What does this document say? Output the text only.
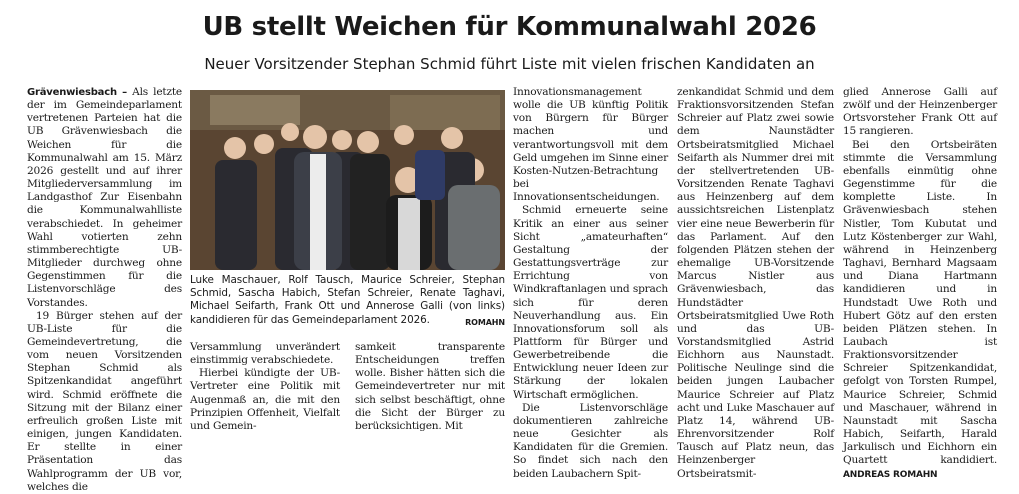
UB stellt Weichen für Kommunalwahl 2026
Neuer Vorsitzender Stephan Schmid führt Liste mit vielen frischen Kandidaten an

Grävenwiesbach – Als letzte der im Gemeindeparlament vertretenen Parteien hat die UB Grävenwiesbach die Weichen für die Kommunalwahl am 15. März 2026 gestellt und auf ihrer Mitgliederversammlung im Landgasthof Zur Eisenbahn die Kommunalwahlliste verabschiedet. In geheimer Wahl votierten zehn stimmberechtigte UB-Mitglieder durchweg ohne Gegenstimmen für die Listenvorschläge des Vorstandes.

19 Bürger stehen auf der UB-Liste für die Gemeindevertretung, die vom neuen Vorsitzenden Stephan Schmid als Spitzenkandidat angeführt wird. Schmid eröffnete die Sitzung mit der Bilanz einer erfreulich großen Liste mit einigen, jungen Kandidaten. Er stellte in einer Präsentation das Wahlprogramm der UB vor, welches die

Luke Maschauer, Rolf Tausch, Maurice Schreier, Stephan Schmid, Sascha Habich, Stefan Schreier, Renate Taghavi, Michael Seifarth, Frank Ott und Annerose Galli (von links) kandidieren für das Gemeindeparlament 2026.	ROMAHN

Versammlung unverändert einstimmig verabschiedete.

Hierbei kündigte der UB-Vertreter eine Politik mit Augenmaß an, die mit den Prinzipien Offenheit, Vielfalt und Gemein-

samkeit transparente Entscheidungen treffen wolle. Bisher hätten sich die Gemeindevertreter nur mit sich selbst beschäftigt, ohne die Sicht der Bürger zu berücksichtigen. Mit

Innovationsmanagement wolle die UB künftig Politik von Bürgern für Bürger machen und verantwortungsvoll mit dem Geld umgehen im Sinne einer Kosten-Nutzen-Betrachtung bei Innovationsentscheidungen.

Schmid erneuerte seine Kritik an einer aus seiner Sicht „amateurhaften“ Gestaltung der Gestattungsverträge zur Errichtung von Windkraftanlagen und sprach sich für deren Neuverhandlung aus. Ein Innovationsforum soll als Plattform für Bürger und Gewerbetreibende die Entwicklung neuer Ideen zur Stärkung der lokalen Wirtschaft ermöglichen.

Die Listenvorschläge dokumentieren zahlreiche neue Gesichter als Kandidaten für die Gremien. So findet sich nach den beiden Laubachern Spit-

zenkandidat Schmid und dem Fraktionsvorsitzenden Stefan Schreier auf Platz zwei sowie dem Naunstädter Ortsbeiratsmitglied Michael Seifarth als Nummer drei mit der stellvertretenden UB-Vorsitzenden Renate Taghavi aus Heinzenberg auf dem aussichtsreichen Listenplatz vier eine neue Bewerberin für das Parlament. Auf den folgenden Plätzen stehen der ehemalige UB-Vorsitzende Marcus Nistler aus Grävenwiesbach, das Hundstädter Ortsbeiratsmitglied Uwe Roth und das UB-Vorstandsmitglied Astrid Eichhorn aus Naunstadt. Politische Neulinge sind die beiden jungen Laubacher Maurice Schreier auf Platz acht und Luke Maschauer auf Platz 14, während UB-Ehrenvorsitzender Rolf Tausch auf Platz neun, das Heinzenberger Ortsbeiratsmit-

glied Annerose Galli auf zwölf und der Heinzenberger Ortsvorsteher Frank Ott auf 15 rangieren.

Bei den Ortsbeiräten stimmte die Versammlung ebenfalls einmütig ohne Gegenstimme für die komplette Liste. In Grävenwiesbach stehen Nistler, Tom Kubutat und Lutz Köstenberger zur Wahl, während in Heinzenberg Taghavi, Bernhard Magsaam und Diana Hartmann kandidieren und in Hundstadt Uwe Roth und Hubert Götz auf den ersten beiden Plätzen stehen. In Laubach ist Fraktionsvorsitzender Schreier Spitzenkandidat, gefolgt von Torsten Rumpel, Maurice Schreier, Schmid und Maschauer, während in Naunstadt mit Sascha Habich, Seifarth, Harald Jarkulisch und Eichhorn ein Quartett kandidiert. ANDREAS ROMAHN
